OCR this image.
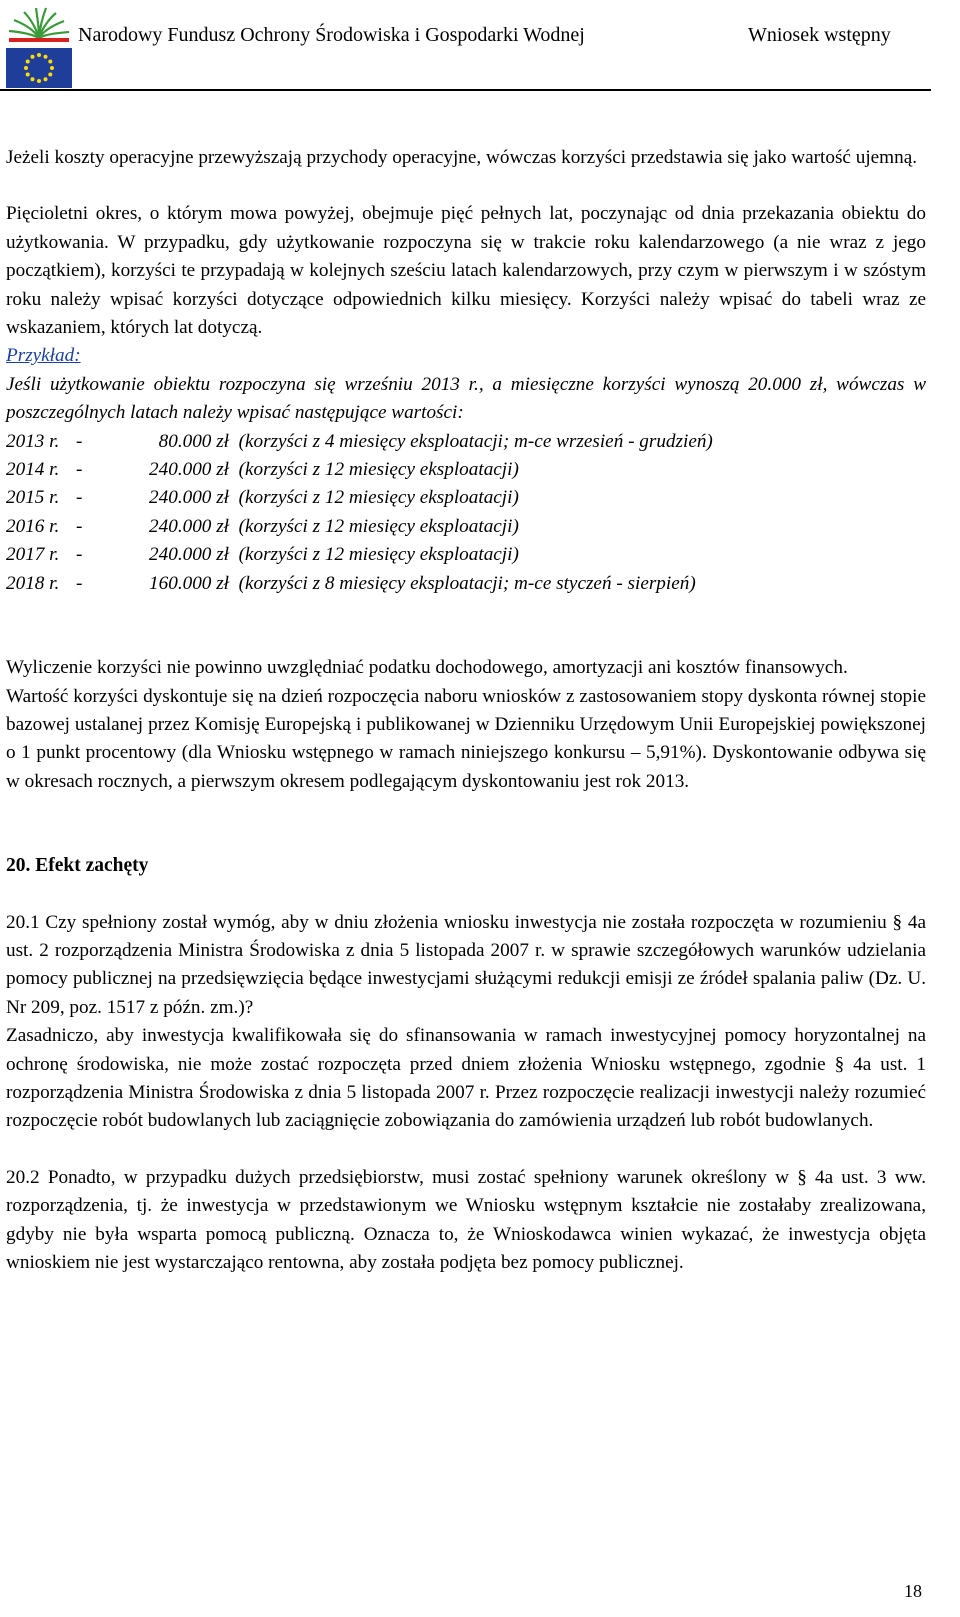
Narodowy Fundusz Ochrony Środowiska i Gospodarki Wodnej	Wniosek wstępny

Jeżeli koszty operacyjne przewyższają przychody operacyjne, wówczas korzyści przedstawia się jako wartość ujemną.

Pięcioletni okres, o którym mowa powyżej, obejmuje pięć pełnych lat, poczynając od dnia przekazania obiektu do użytkowania. W przypadku, gdy użytkowanie rozpoczyna się w trakcie roku kalendarzowego (a nie wraz z jego początkiem), korzyści te przypadają w kolejnych sześciu latach kalendarzowych, przy czym w pierwszym i w szóstym roku należy wpisać korzyści dotyczące odpowiednich kilku miesięcy. Korzyści należy wpisać do tabeli wraz ze wskazaniem, których lat dotyczą.

Przykład:

Jeśli użytkowanie obiektu rozpoczyna się wrześniu 2013 r., a miesięczne korzyści wynoszą 20.000 zł, wówczas w poszczególnych latach należy wpisać następujące wartości:

2013 r. -	80.000 zł (korzyści z 4 miesięcy eksploatacji; m-ce wrzesień - grudzień)
2014 r. -	240.000 zł (korzyści z 12 miesięcy eksploatacji)
2015 r. -	240.000 zł (korzyści z 12 miesięcy eksploatacji)
2016 r. -	240.000 zł (korzyści z 12 miesięcy eksploatacji)
2017 r. -	240.000 zł (korzyści z 12 miesięcy eksploatacji)
2018 r. -	160.000 zł (korzyści z 8 miesięcy eksploatacji; m-ce styczeń - sierpień)

Wyliczenie korzyści nie powinno uwzględniać podatku dochodowego, amortyzacji ani kosztów finansowych.

Wartość korzyści dyskontuje się na dzień rozpoczęcia naboru wniosków z zastosowaniem stopy dyskonta równej stopie bazowej ustalanej przez Komisję Europejską i publikowanej w Dzienniku Urzędowym Unii Europejskiej powiększonej o 1 punkt procentowy (dla Wniosku wstępnego w ramach niniejszego konkursu – 5,91%). Dyskontowanie odbywa się w okresach rocznych, a pierwszym okresem podlegającym dyskontowaniu jest rok 2013.

20. Efekt zachęty

20.1 Czy spełniony został wymóg, aby w dniu złożenia wniosku inwestycja nie została rozpoczęta w rozumieniu § 4a ust. 2 rozporządzenia Ministra Środowiska z dnia 5 listopada 2007 r. w sprawie szczegółowych warunków udzielania pomocy publicznej na przedsięwzięcia będące inwestycjami służącymi redukcji emisji ze źródeł spalania paliw (Dz. U. Nr 209, poz. 1517 z późn. zm.)?

Zasadniczo, aby inwestycja kwalifikowała się do sfinansowania w ramach inwestycyjnej pomocy horyzontalnej na ochronę środowiska, nie może zostać rozpoczęta przed dniem złożenia Wniosku wstępnego, zgodnie § 4a ust. 1 rozporządzenia Ministra Środowiska z dnia 5 listopada 2007 r. Przez rozpoczęcie realizacji inwestycji należy rozumieć rozpoczęcie robót budowlanych lub zaciągnięcie zobowiązania do zamówienia urządzeń lub robót budowlanych.

20.2 Ponadto, w przypadku dużych przedsiębiorstw, musi zostać spełniony warunek określony w § 4a ust. 3 ww. rozporządzenia, tj. że inwestycja w przedstawionym we Wniosku wstępnym kształcie nie zostałaby zrealizowana, gdyby nie była wsparta pomocą publiczną. Oznacza to, że Wnioskodawca winien wykazać, że inwestycja objęta wnioskiem nie jest wystarczająco rentowna, aby została podjęta bez pomocy publicznej.

18
